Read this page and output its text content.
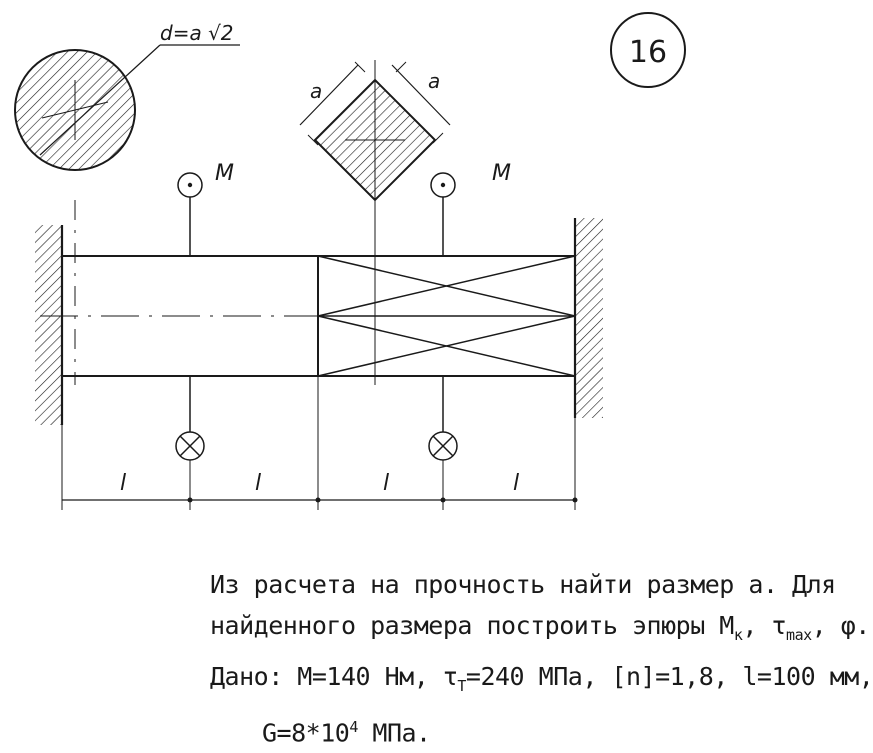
16
d=a √2
a	a
M	M
l	l	l	l
Из расчета на прочность найти размер а. Для
найденного размера построить эпюры $М_к$, $\tau_{max}$, φ.
Дано: М=140 Нм, $\tau_Т=240$ МПа, [n]=1,8, l=100 мм,
$G=8*10^4$ МПа.
